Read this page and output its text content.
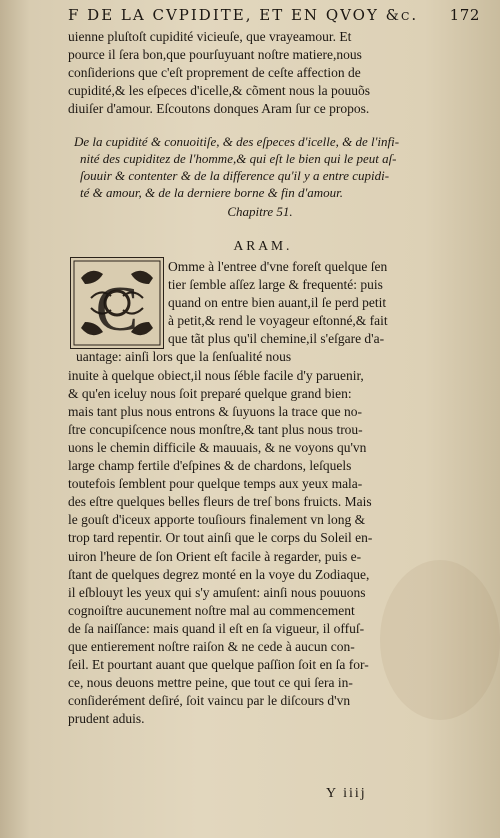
F DE LA CVPIDITE, ET EN QVOY &c. 172
uienne pluſtoſt cupidité vicieuſe, que vrayeamour. Et
pource il ſera bon,que pourſuyuant noſtre matiere,nous
conſiderions que c'eſt proprement de ceſte affection de
cupidité,& les eſpeces d'icelle,& cõment nous la pouuõs
diuiſer d'amour. Eſcoutons donques Aram ſur ce propos.
De la cupidité & conuoitiſe, & des eſpeces d'icelle, & de l'infi-
nité des cupiditez de l'homme,& qui eſt le bien qui le peut aſ-
ſouuir & contenter & de la difference qu'il y a entre cupidi-
té & amour, & de la derniere borne & fin d'amour.
Chapitre 51.
ARAM.
C
Omme à l'entree d'vne foreſt quelque ſen
tier ſemble aſſez large & frequenté: puis
quand on entre bien auant,il ſe perd petit
à petit,& rend le voyageur eſtonné,& fait
que tãt plus qu'il chemine,il s'eſgare d'a-
uantage: ainſi lors que la ſenſualité nous
inuite à quelque obiect,il nous ſéble facile d'y paruenir,
& qu'en iceluy nous ſoit preparé quelque grand bien:
mais tant plus nous entrons & ſuyuons la trace que no-
ſtre concupiſcence nous monſtre,& tant plus nous trou-
uons le chemin difficile & mauuais, & ne voyons qu'vn
large champ fertile d'eſpines & de chardons, leſquels
toutefois ſemblent pour quelque temps aux yeux mala-
des eſtre quelques belles fleurs de treſ bons fruicts. Mais
le gouſt d'iceux apporte touſiours finalement vn long &
trop tard repentir. Or tout ainſi que le corps du Soleil en-
uiron l'heure de ſon Orient eſt facile à regarder, puis e-
ſtant de quelques degrez monté en la voye du Zodiaque,
il eſblouyt les yeux qui s'y amuſent: ainſi nous pouuons
cognoiſtre aucunement noſtre mal au commencement
de ſa naiſſance: mais quand il eſt en ſa vigueur, il offuſ-
que entierement noſtre raiſon & ne cede à aucun con-
ſeil. Et pourtant auant que quelque paſſion ſoit en ſa for-
ce, nous deuons mettre peine, que tout ce qui ſera in-
conſiderément deſiré, ſoit vaincu par le diſcours d'vn
prudent aduis.
Y iiij
